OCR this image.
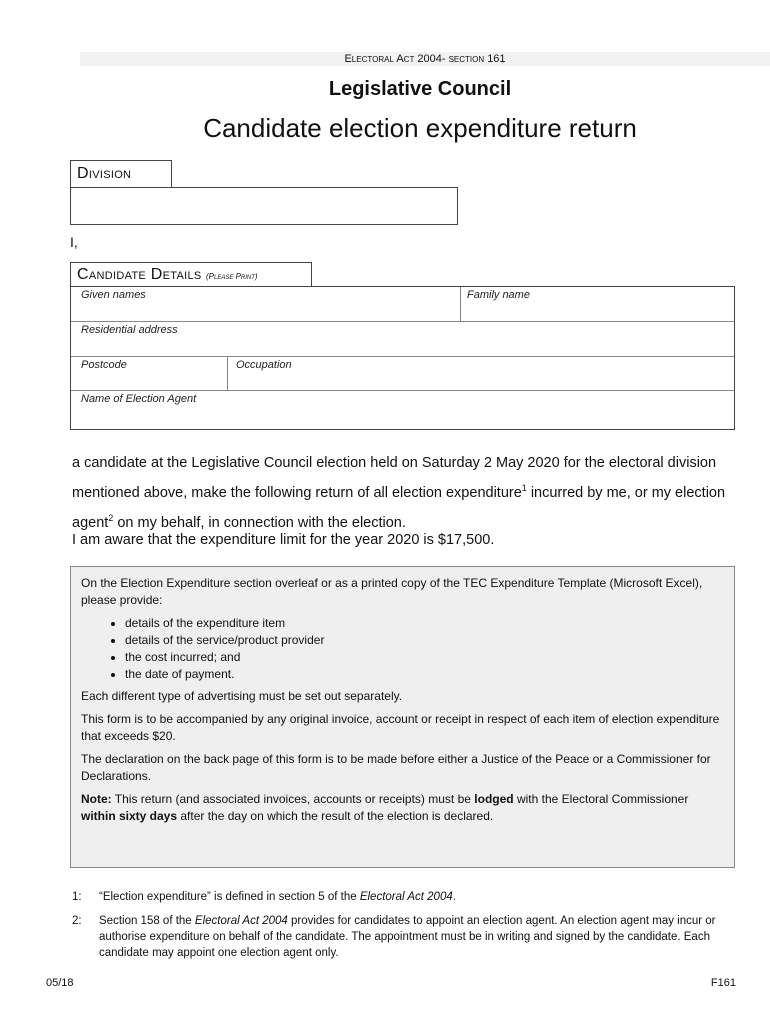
Electoral Act 2004- section 161
Legislative Council
Candidate election expenditure return
Division
I,
Candidate Details (Please Print)
Given names	Family name
Residential address
Postcode	Occupation
Name of Election Agent
a candidate at the Legislative Council election held on Saturday 2 May 2020 for the electoral division mentioned above, make the following return of all election expenditure$^1$ incurred by me, or my election agent$^2$ on my behalf, in connection with the election.
I am aware that the expenditure limit for the year 2020 is $17,500.

On the Election Expenditure section overleaf or as a printed copy of the TEC Expenditure Template (Microsoft Excel), please provide:

• details of the expenditure item
• details of the service/product provider
• the cost incurred; and
• the date of payment.

Each different type of advertising must be set out separately.

This form is to be accompanied by any original invoice, account or receipt in respect of each item of election expenditure that exceeds $20.

The declaration on the back page of this form is to be made before either a Justice of the Peace or a Commissioner for Declarations.

Note: This return (and associated invoices, accounts or receipts) must be lodged with the Electoral Commissioner within sixty days after the day on which the result of the election is declared.

1: “Election expenditure” is defined in section 5 of the Electoral Act 2004.
2: Section 158 of the Electoral Act 2004 provides for candidates to appoint an election agent. An election agent may incur or authorise expenditure on behalf of the candidate. The appointment must be in writing and signed by the candidate. Each candidate may appoint one election agent only.
05/18	F161
